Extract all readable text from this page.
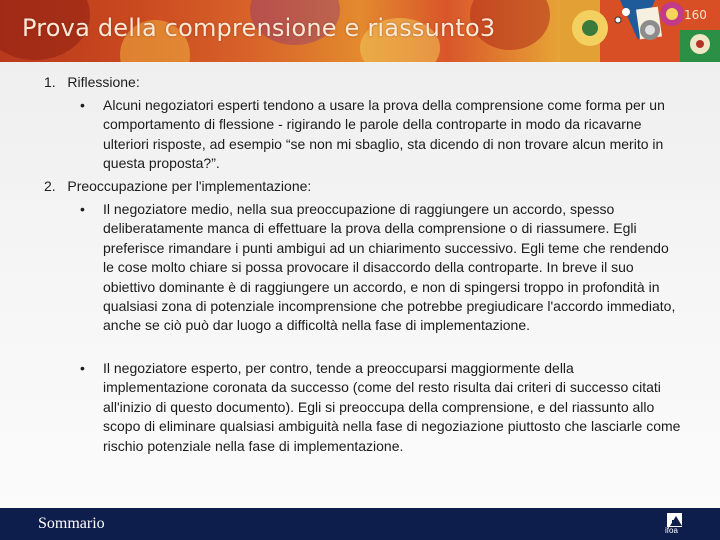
Prova della comprensione e riassunto3	160
1. Riflessione:
• Alcuni negoziatori esperti tendono a usare la prova della comprensione come forma per un comportamento di flessione - rigirando le parole della controparte in modo da ricavarne ulteriori risposte, ad esempio “se non mi sbaglio, sta dicendo di non trovare alcun merito in questa proposta?”.
2. Preoccupazione per l'implementazione:
• Il negoziatore medio, nella sua preoccupazione di raggiungere un accordo, spesso deliberatamente manca di effettuare la prova della comprensione o di riassumere. Egli preferisce rimandare i punti ambigui ad un chiarimento successivo. Egli teme che rendendo le cose molto chiare si possa provocare il disaccordo della controparte. In breve il suo obiettivo dominante è di raggiungere un accordo, e non di spingersi troppo in profondità in qualsiasi zona di potenziale incomprensione che potrebbe pregiudicare l'accordo immediato, anche se ciò può dar luogo a difficoltà nella fase di implementazione.
• Il negoziatore esperto, per contro, tende a preoccuparsi maggiormente della implementazione coronata da successo (come del resto risulta dai criteri di successo citati all'inizio di questo documento). Egli si preoccupa della comprensione, e del riassunto allo scopo di eliminare qualsiasi ambiguità nella fase di negoziazione piuttosto che lasciarle come rischio potenziale nella fase di implementazione.
Sommario	ifoa
